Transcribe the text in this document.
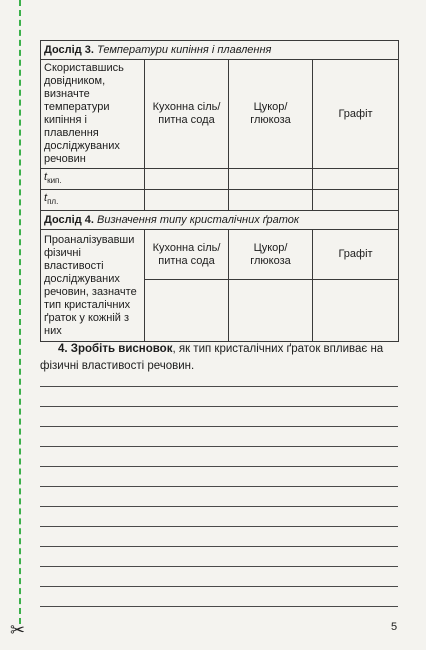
✂
Дослід 3. Температури кипіння і плавлення			
Скориставшись довідником, визначте температури кипіння і плавлення досліджуваних речовин	Кухонна сіль/питна сода	Цукор/ глюкоза	Графіт
$t_{кип.}$			
$t_{пл.}$			
Дослід 4. Визначення типу кристалічних ґраток			
Проаналізувавши фізичні властивості досліджуваних речовин, зазначте тип кристалічних ґраток у кожній з них	Кухонна сіль/питна сода	Цукор/ глюкоза	Графіт

4. Зробіть висновок, як тип кристалічних ґраток впливає на фізичні властивості речовин.
5
